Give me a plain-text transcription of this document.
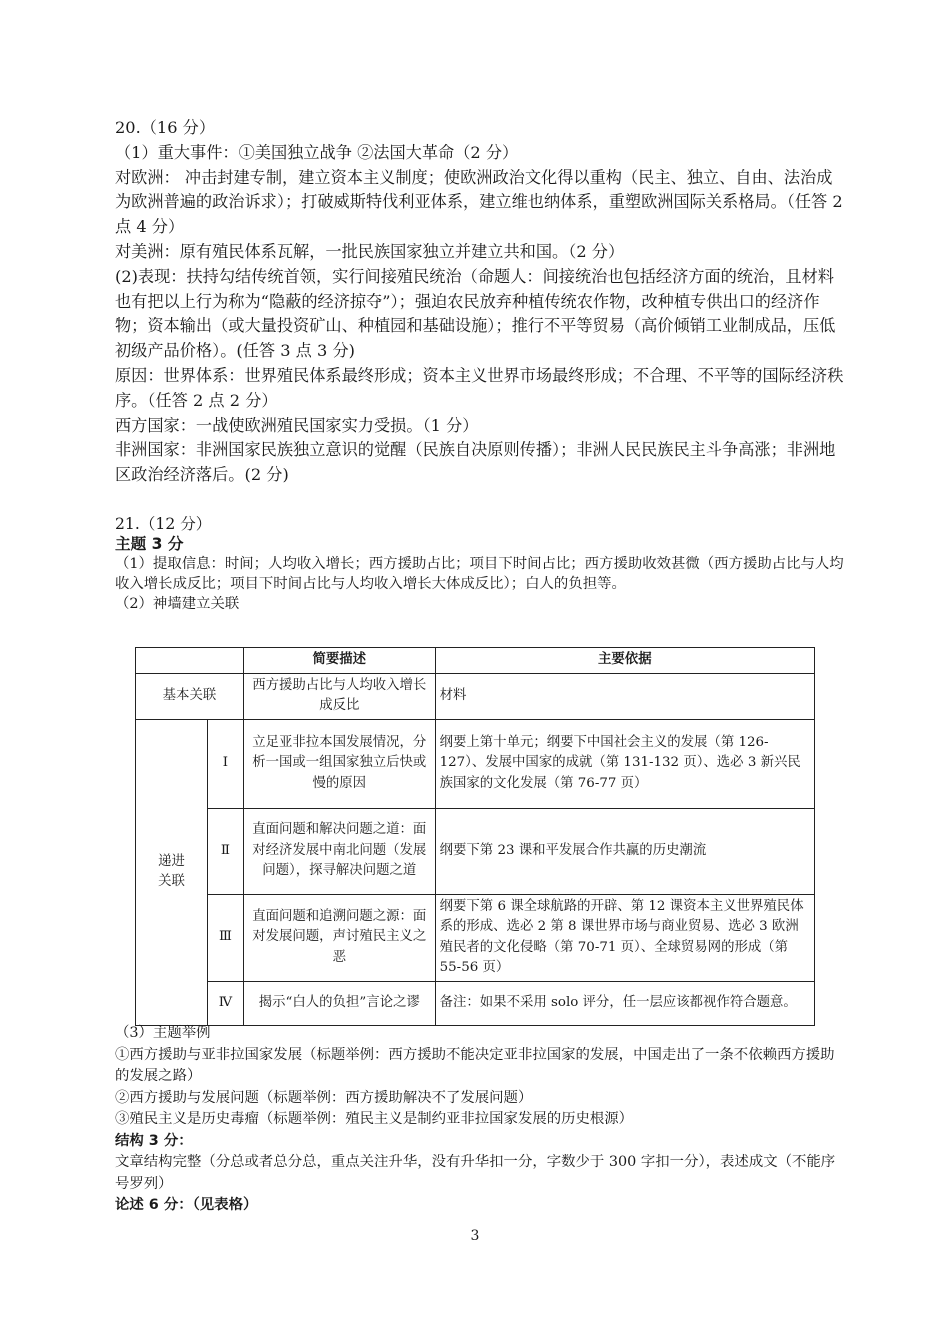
20.（16 分）

（1）重大事件：①美国独立战争 ②法国大革命（2 分）

对欧洲： 冲击封建专制，建立资本主义制度；使欧洲政治文化得以重构（民主、独立、自由、法治成为欧洲普遍的政治诉求）；打破威斯特伐利亚体系，建立维也纳体系，重塑欧洲国际关系格局。（任答 2 点 4 分）

对美洲：原有殖民体系瓦解，一批民族国家独立并建立共和国。（2 分）

(2)表现：扶持勾结传统首领，实行间接殖民统治（命题人：间接统治也包括经济方面的统治，且材料也有把以上行为称为“隐蔽的经济掠夺”）；强迫农民放弃种植传统农作物，改种植专供出口的经济作物；资本输出（或大量投资矿山、种植园和基础设施）；推行不平等贸易（高价倾销工业制成品，压低初级产品价格）。(任答 3 点 3 分)

原因：世界体系：世界殖民体系最终形成；资本主义世界市场最终形成；不合理、不平等的国际经济秩序。（任答 2 点 2 分）

西方国家：一战使欧洲殖民国家实力受损。（1 分）

非洲国家：非洲国家民族独立意识的觉醒（民族自决原则传播）；非洲人民民族民主斗争高涨；非洲地区政治经济落后。(2 分)

21.（12 分）

主题 3 分

（1）提取信息：时间；人均收入增长；西方援助占比；项目下时间占比；西方援助收效甚微（西方援助占比与人均收入增长成反比；项目下时间占比与人均收入增长大体成反比）；白人的负担等。

（2）神墙建立关联

		简要描述	主要依据
基本关联		西方援助占比与人均收入增长成反比	材料
递进关联	Ⅰ	立足亚非拉本国发展情况，分析一国或一组国家独立后快或慢的原因	纲要上第十单元；纲要下中国社会主义的发展（第 126-127）、发展中国家的成就（第 131-132 页）、选必 3 新兴民族国家的文化发展（第 76-77 页）
	Ⅱ	直面问题和解决问题之道：面对经济发展中南北问题（发展问题），探寻解决问题之道	纲要下第 23 课和平发展合作共赢的历史潮流
	Ⅲ	直面问题和追溯问题之源：面对发展问题，声讨殖民主义之恶	纲要下第 6 课全球航路的开辟、第 12 课资本主义世界殖民体系的形成、选必 2 第 8 课世界市场与商业贸易、选必 3 欧洲殖民者的文化侵略（第 70-71 页）、全球贸易网的形成（第 55-56 页）
	Ⅳ	揭示“白人的负担”言论之谬	备注：如果不采用 solo 评分，任一层应该都视作符合题意。

（3）主题举例

①西方援助与亚非拉国家发展（标题举例：西方援助不能决定亚非拉国家的发展，中国走出了一条不依赖西方援助的发展之路）

②西方援助与发展问题（标题举例：西方援助解决不了发展问题）

③殖民主义是历史毒瘤（标题举例：殖民主义是制约亚非拉国家发展的历史根源）

结构 3 分：

文章结构完整（分总或者总分总，重点关注升华，没有升华扣一分，字数少于 300 字扣一分），表述成文（不能序号罗列）

论述 6 分：（见表格）

3
